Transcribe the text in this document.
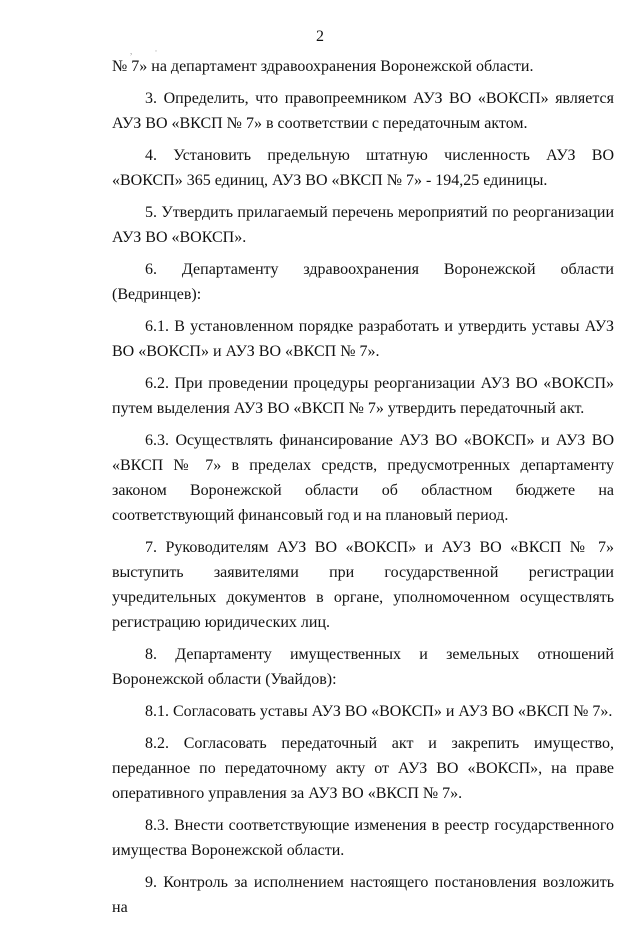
2
, ·

№ 7» на департамент здравоохранения Воронежской области.

3. Определить, что правопреемником АУЗ ВО «ВОКСП» является АУЗ ВО «ВКСП № 7» в соответствии с передаточным актом.

4. Установить предельную штатную численность АУЗ ВО «ВОКСП» 365 единиц, АУЗ ВО «ВКСП № 7» - 194,25 единицы.

5. Утвердить прилагаемый перечень мероприятий по реорганизации АУЗ ВО «ВОКСП».

6. Департаменту здравоохранения Воронежской области (Ведринцев):

6.1. В установленном порядке разработать и утвердить уставы АУЗ ВО «ВОКСП» и АУЗ ВО «ВКСП № 7».

6.2. При проведении процедуры реорганизации АУЗ ВО «ВОКСП» путем выделения АУЗ ВО «ВКСП № 7» утвердить передаточный акт.

6.3. Осуществлять финансирование АУЗ ВО «ВОКСП» и АУЗ ВО «ВКСП № 7» в пределах средств, предусмотренных департаменту законом Воронежской области об областном бюджете на соответствующий финансовый год и на плановый период.

7. Руководителям АУЗ ВО «ВОКСП» и АУЗ ВО «ВКСП № 7» выступить заявителями при государственной регистрации учредительных документов в органе, уполномоченном осуществлять регистрацию юридических лиц.

8. Департаменту имущественных и земельных отношений Воронежской области (Увайдов):

8.1. Согласовать уставы АУЗ ВО «ВОКСП» и АУЗ ВО «ВКСП № 7».

8.2. Согласовать передаточный акт и закрепить имущество, переданное по передаточному акту от АУЗ ВО «ВОКСП», на праве оперативного управления за АУЗ ВО «ВКСП № 7».

8.3. Внести соответствующие изменения в реестр государственного имущества Воронежской области.

9. Контроль за исполнением настоящего постановления возложить на
